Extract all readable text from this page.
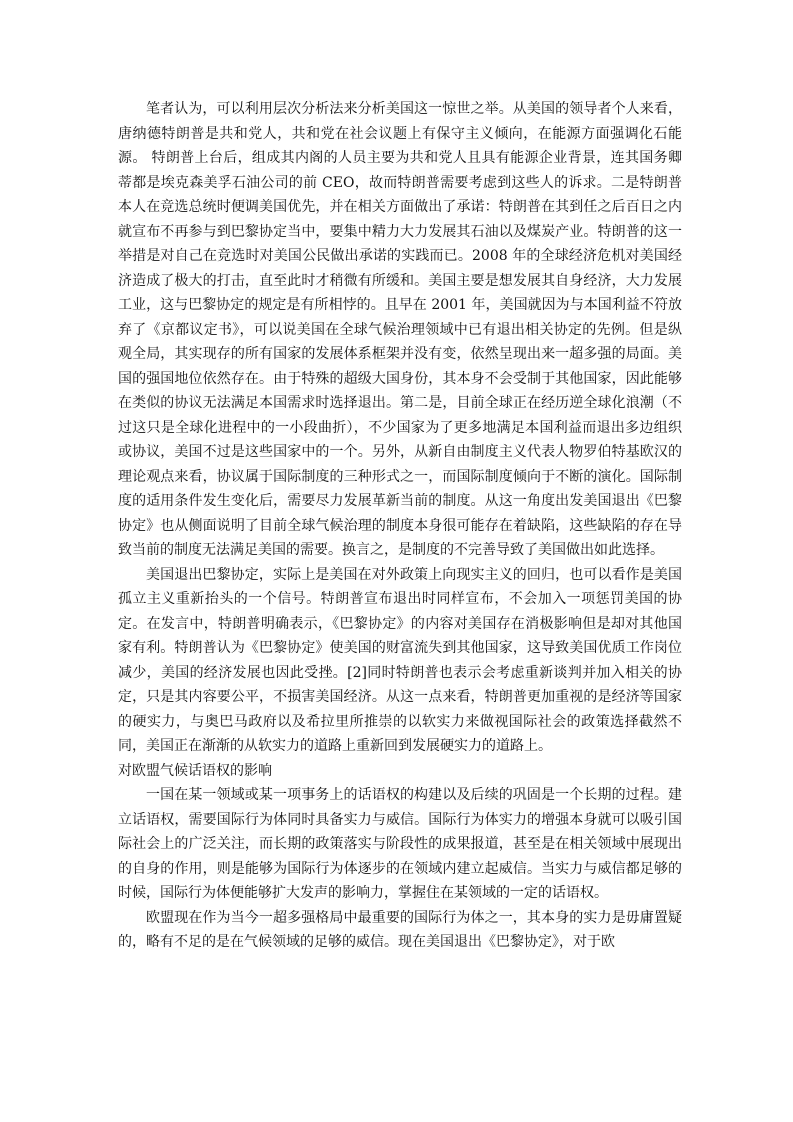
笔者认为，可以利用层次分析法来分析美国这一惊世之举。从美国的领导者个人来看，唐纳德特朗普是共和党人，共和党在社会议题上有保守主义倾向，在能源方面强调化石能源。 特朗普上台后，组成其内阁的人员主要为共和党人且具有能源企业背景，连其国务卿蒂都是埃克森美孚石油公司的前 CEO，故而特朗普需要考虑到这些人的诉求。二是特朗普本人在竞选总统时便调美国优先，并在相关方面做出了承诺：特朗普在其到任之后百日之内就宣布不再参与到巴黎协定当中，要集中精力大力发展其石油以及煤炭产业。特朗普的这一举措是对自己在竞选时对美国公民做出承诺的实践而已。2008 年的全球经济危机对美国经济造成了极大的打击，直至此时才稍微有所缓和。美国主要是想发展其自身经济，大力发展工业，这与巴黎协定的规定是有所相悖的。且早在 2001 年，美国就因为与本国利益不符放弃了《京都议定书》，可以说美国在全球气候治理领域中已有退出相关协定的先例。但是纵观全局，其实现存的所有国家的发展体系框架并没有变，依然呈现出来一超多强的局面。美国的强国地位依然存在。由于特殊的超级大国身份，其本身不会受制于其他国家，因此能够在类似的协议无法满足本国需求时选择退出。第二是，目前全球正在经历逆全球化浪潮（不过这只是全球化进程中的一小段曲折），不少国家为了更多地满足本国利益而退出多边组织或协议，美国不过是这些国家中的一个。另外，从新自由制度主义代表人物罗伯特基欧汉的理论观点来看，协议属于国际制度的三种形式之一，而国际制度倾向于不断的演化。国际制度的适用条件发生变化后，需要尽力发展革新当前的制度。从这一角度出发美国退出《巴黎协定》也从侧面说明了目前全球气候治理的制度本身很可能存在着缺陷，这些缺陷的存在导致当前的制度无法满足美国的需要。换言之，是制度的不完善导致了美国做出如此选择。

美国退出巴黎协定，实际上是美国在对外政策上向现实主义的回归，也可以看作是美国孤立主义重新抬头的一个信号。特朗普宣布退出时同样宣布，不会加入一项惩罚美国的协定。在发言中，特朗普明确表示，《巴黎协定》的内容对美国存在消极影响但是却对其他国家有利。特朗普认为《巴黎协定》使美国的财富流失到其他国家，这导致美国优质工作岗位减少，美国的经济发展也因此受挫。[2]同时特朗普也表示会考虑重新谈判并加入相关的协定，只是其内容要公平，不损害美国经济。从这一点来看，特朗普更加重视的是经济等国家的硬实力，与奥巴马政府以及希拉里所推崇的以软实力来做视国际社会的政策选择截然不同，美国正在渐渐的从软实力的道路上重新回到发展硬实力的道路上。

对欧盟气候话语权的影响

一国在某一领域或某一项事务上的话语权的构建以及后续的巩固是一个长期的过程。建立话语权，需要国际行为体同时具备实力与威信。国际行为体实力的增强本身就可以吸引国际社会上的广泛关注，而长期的政策落实与阶段性的成果报道，甚至是在相关领域中展现出的自身的作用，则是能够为国际行为体逐步的在领域内建立起威信。当实力与威信都足够的时候，国际行为体便能够扩大发声的影响力，掌握住在某领域的一定的话语权。

欧盟现在作为当今一超多强格局中最重要的国际行为体之一，其本身的实力是毋庸置疑的，略有不足的是在气候领域的足够的威信。现在美国退出《巴黎协定》，对于欧
